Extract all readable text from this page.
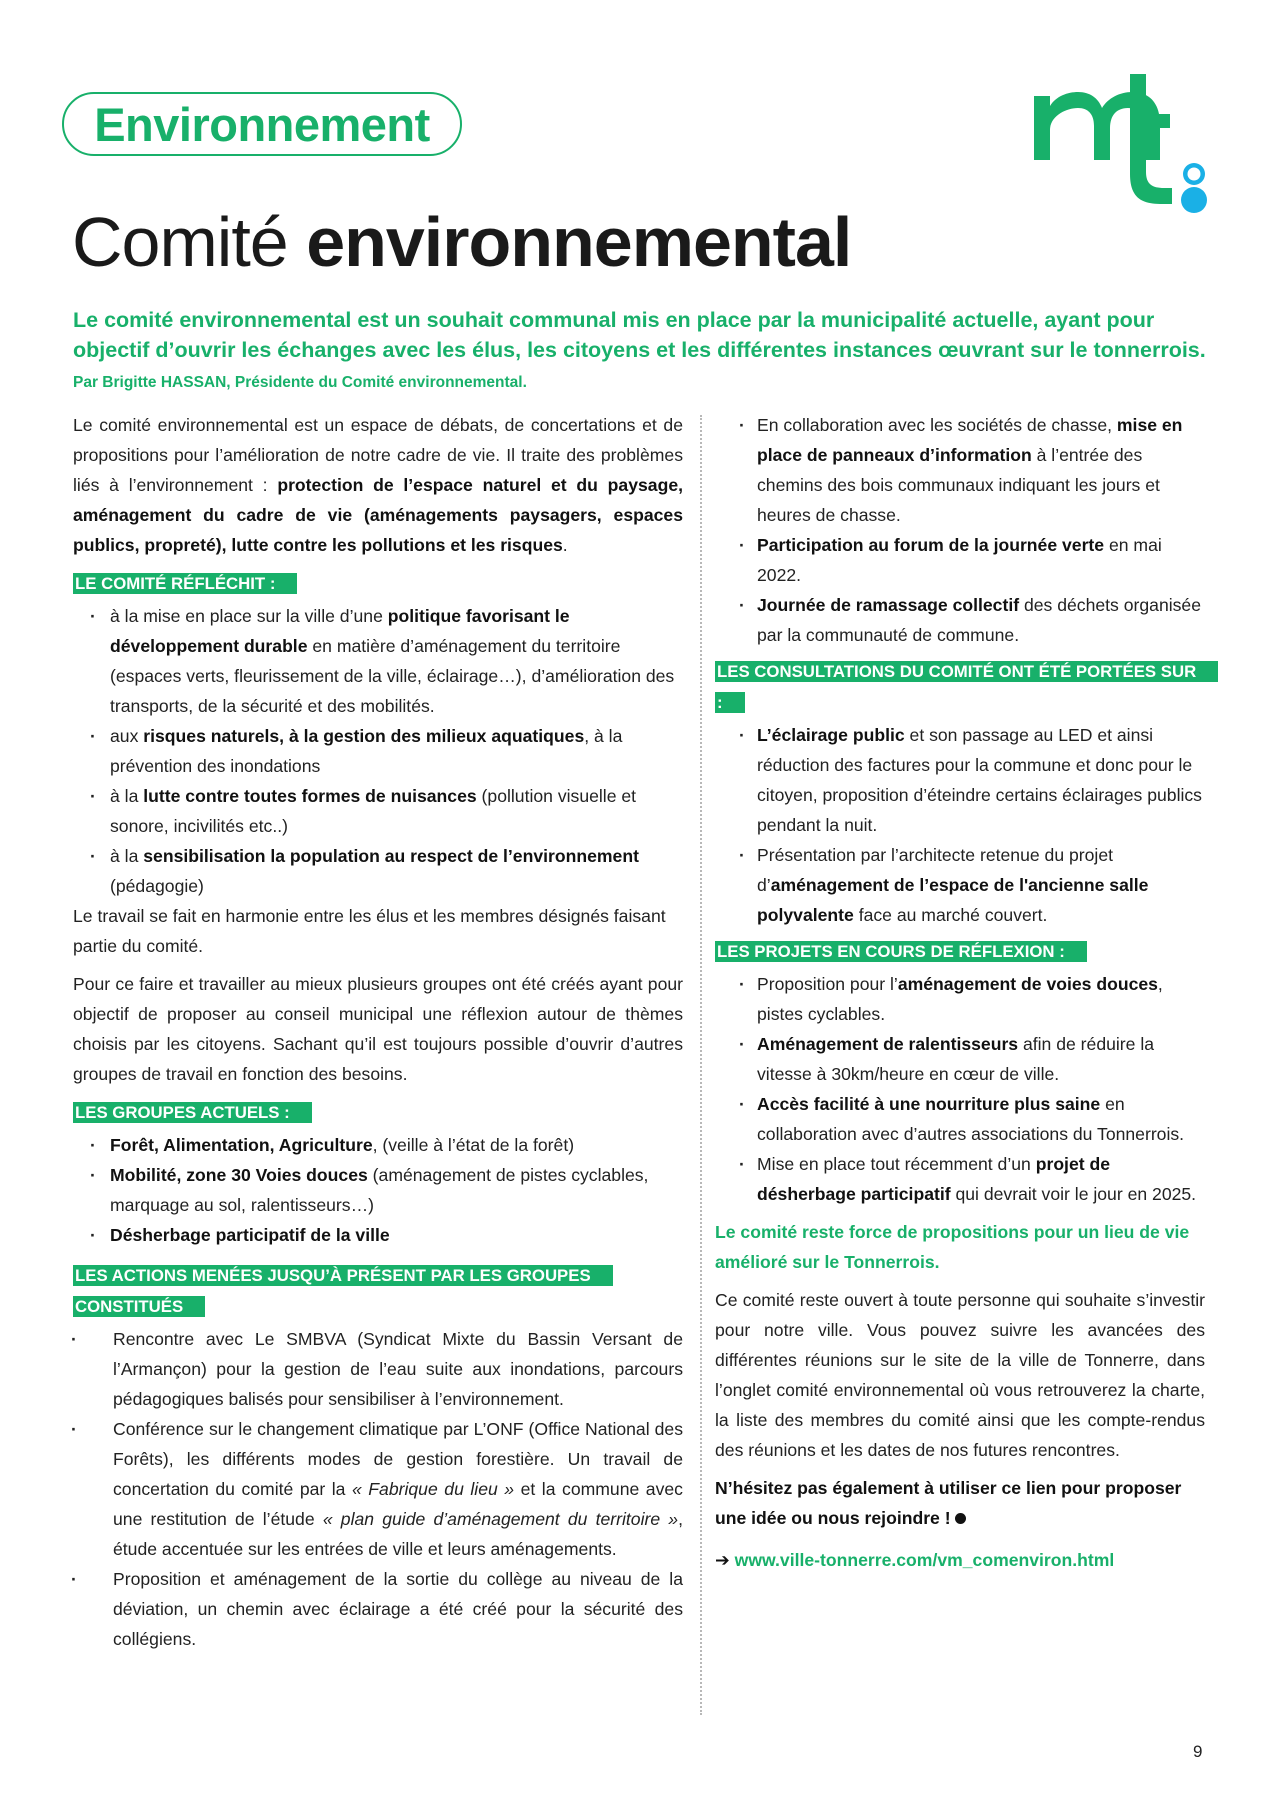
Environnement
Comité environnemental
Le comité environnemental est un souhait communal mis en place par la municipalité actuelle, ayant pour objectif d’ouvrir les échanges avec les élus, les citoyens et les différentes instances œuvrant sur le tonnerrois. Par Brigitte HASSAN, Présidente du Comité environnemental.

Le comité environnemental est un espace de débats, de concertations et de propositions pour l’amélioration de notre cadre de vie. Il traite des problèmes liés à l’environnement : protection de l’espace naturel et du paysage, aménagement du cadre de vie (aménagements paysagers, espaces publics, propreté), lutte contre les pollutions et les risques.

LE COMITÉ RÉFLÉCHIT :
· à la mise en place sur la ville d’une politique favorisant le développement durable en matière d’aménagement du territoire (espaces verts, fleurissement de la ville, éclairage…), d’amélioration des transports, de la sécurité et des mobilités.
· aux risques naturels, à la gestion des milieux aquatiques, à la prévention des inondations
· à la lutte contre toutes formes de nuisances (pollution visuelle et sonore, incivilités etc..)
· à la sensibilisation la population au respect de l’environnement (pédagogie)

Le travail se fait en harmonie entre les élus et les membres désignés faisant partie du comité.

Pour ce faire et travailler au mieux plusieurs groupes ont été créés ayant pour objectif de proposer au conseil municipal une réflexion autour de thèmes choisis par les citoyens. Sachant qu’il est toujours possible d’ouvrir d’autres groupes de travail en fonction des besoins.

LES GROUPES ACTUELS :
· Forêt, Alimentation, Agriculture, (veille à l’état de la forêt)
· Mobilité, zone 30 Voies douces (aménagement de pistes cyclables, marquage au sol, ralentisseurs…)
· Désherbage participatif de la ville
LES ACTIONS MENÉES JUSQU’À PRÉSENT PAR LES GROUPES CONSTITUÉS
· Rencontre avec Le SMBVA (Syndicat Mixte du Bassin Versant de l’Armançon) pour la gestion de l’eau suite aux inondations, parcours pédagogiques balisés pour sensibiliser à l’environnement.
· Conférence sur le changement climatique par L’ONF (Office National des Forêts), les différents modes de gestion forestière. Un travail de concertation du comité par la « Fabrique du lieu » et la commune avec une restitution de l’étude « plan guide d’aménagement du territoire », étude accentuée sur les entrées de ville et leurs aménagements.
· Proposition et aménagement de la sortie du collège au niveau de la déviation, un chemin avec éclairage a été créé pour la sécurité des collégiens.
· En collaboration avec les sociétés de chasse, mise en place de panneaux d’information à l’entrée des chemins des bois communaux indiquant les jours et heures de chasse.
· Participation au forum de la journée verte en mai 2022.
· Journée de ramassage collectif des déchets organisée par la communauté de commune.
LES CONSULTATIONS DU COMITÉ ONT ÉTÉ PORTÉES SUR :
· L’éclairage public et son passage au LED et ainsi réduction des factures pour la commune et donc pour le citoyen, proposition d’éteindre certains éclairages publics pendant la nuit.
· Présentation par l’architecte retenue du projet d’aménagement de l’espace de l'ancienne salle polyvalente face au marché couvert.
LES PROJETS EN COURS DE RÉFLEXION :
· Proposition pour l’aménagement de voies douces, pistes cyclables.
· Aménagement de ralentisseurs afin de réduire la vitesse à 30km/heure en cœur de ville.
· Accès facilité à une nourriture plus saine en collaboration avec d’autres associations du Tonnerrois.
· Mise en place tout récemment d’un projet de désherbage participatif qui devrait voir le jour en 2025.

Le comité reste force de propositions pour un lieu de vie amélioré sur le Tonnerrois.

Ce comité reste ouvert à toute personne qui souhaite s’investir pour notre ville. Vous pouvez suivre les avancées des différentes réunions sur le site de la ville de Tonnerre, dans l’onglet comité environnemental où vous retrouverez la charte, la liste des membres du comité ainsi que les compte-rendus des réunions et les dates de nos futures rencontres.

N’hésitez pas également à utiliser ce lien pour proposer une idée ou nous rejoindre !

➔ www.ville-tonnerre.com/vm_comenviron.html

9
